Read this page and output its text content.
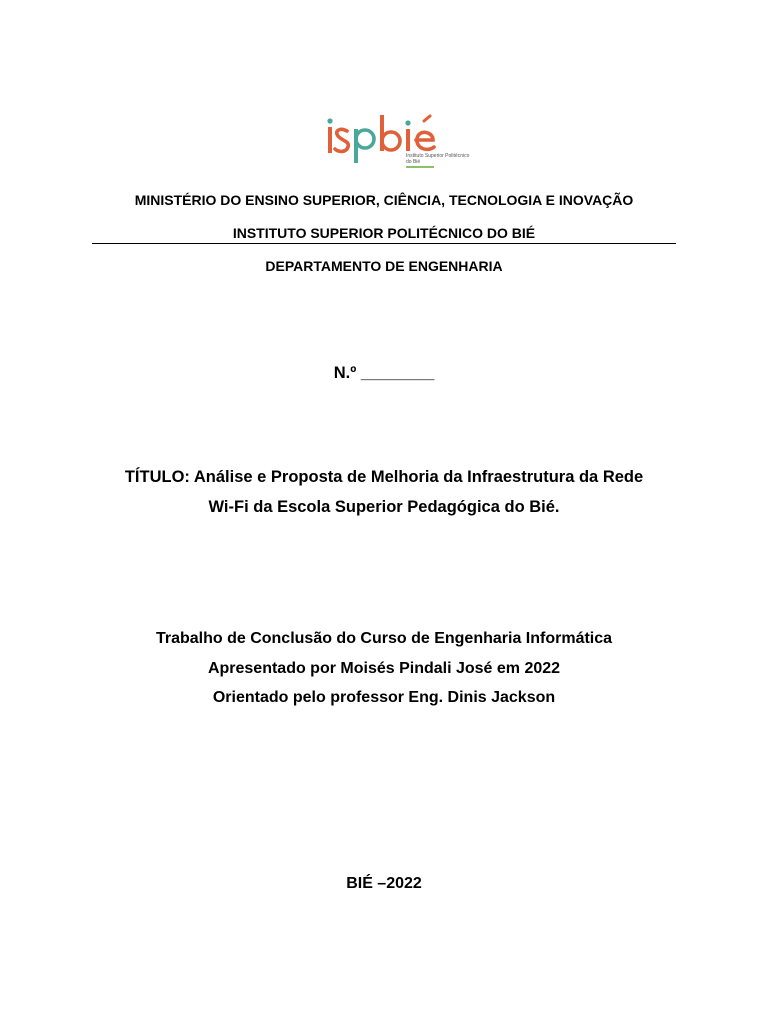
Instituto Superior Politécnico
do Bié
MINISTÉRIO DO ENSINO SUPERIOR, CIÊNCIA, TECNOLOGIA E INOVAÇÃO
INSTITUTO SUPERIOR POLITÉCNICO DO BIÉ
DEPARTAMENTO DE ENGENHARIA
N.º ________
TÍTULO: Análise e Proposta de Melhoria da Infraestrutura da Rede
Wi-Fi da Escola Superior Pedagógica do Bié.
Trabalho de Conclusão do Curso de Engenharia Informática
Apresentado por Moisés Pindali José em 2022
Orientado pelo professor Eng. Dinis Jackson
BIÉ –2022
